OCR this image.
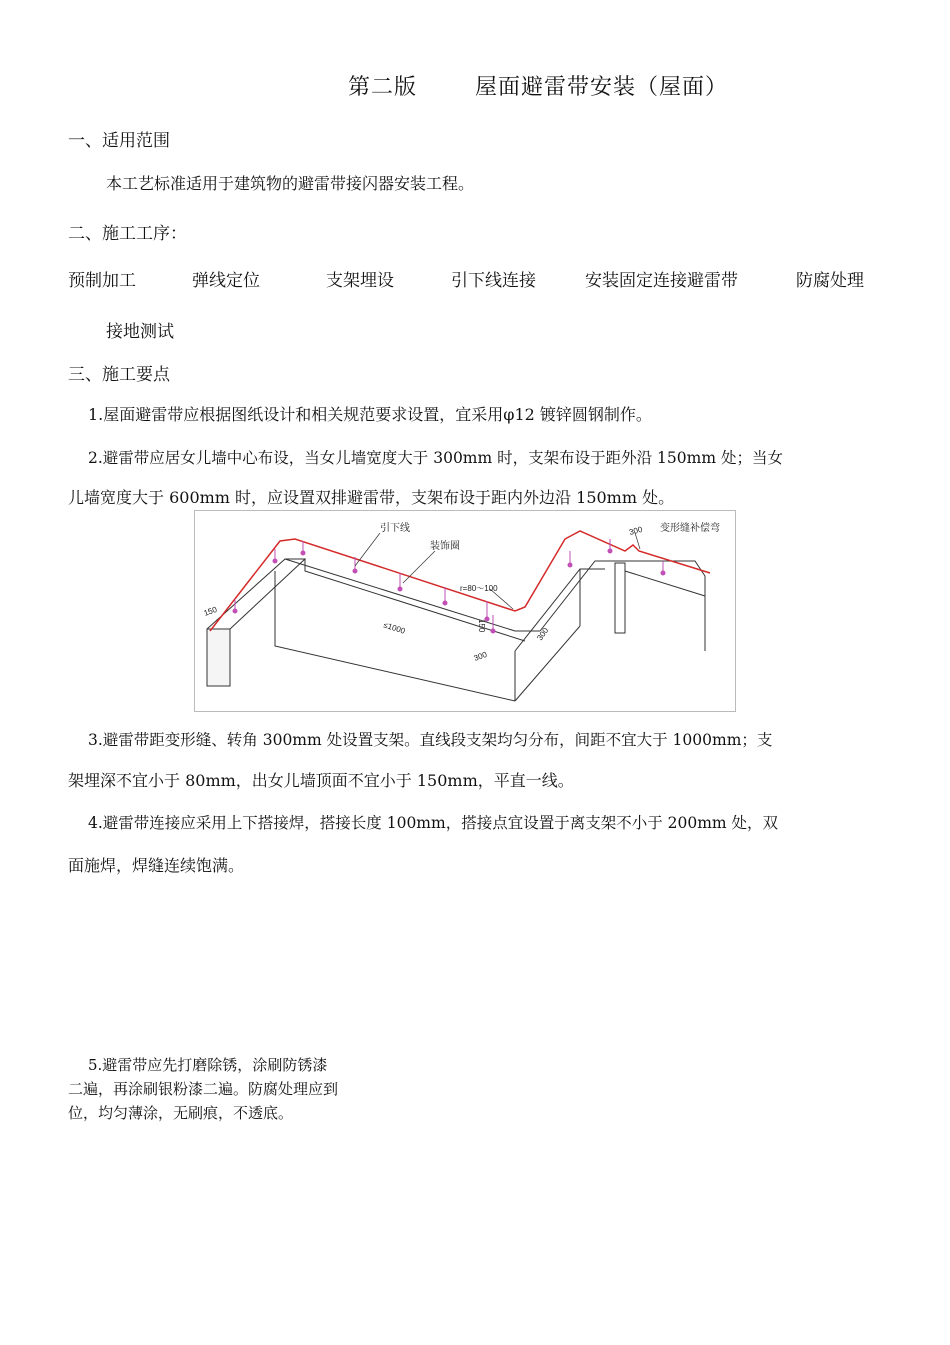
第二版	屋面避雷带安装（屋面）
一、适用范围
本工艺标准适用于建筑物的避雷带接闪器安装工程。
二、施工工序：
预制加工	弹线定位	支架埋设	引下线连接	安装固定连接避雷带	防腐处理
接地测试
三、施工要点
1.屋面避雷带应根据图纸设计和相关规范要求设置，宜采用φ12 镀锌圆钢制作。
2.避雷带应居女儿墙中心布设，当女儿墙宽度大于 300mm 时，支架布设于距外沿 150mm 处；当女
儿墙宽度大于 600mm 时，应设置双排避雷带，支架布设于距内外边沿 150mm 处。
引下线
装饰圈
变形缝补偿弯
r=80～100
150
150
≤1000
300
300
300
3.避雷带距变形缝、转角 300mm 处设置支架。直线段支架均匀分布，间距不宜大于 1000mm；支
架埋深不宜小于 80mm，出女儿墙顶面不宜小于 150mm，平直一线。
4.避雷带连接应采用上下搭接焊，搭接长度 100mm，搭接点宜设置于离支架不小于 200mm 处，双
面施焊，焊缝连续饱满。
5.避雷带应先打磨除锈，涂刷防锈漆二遍，再涂刷银粉漆二遍。防腐处理应到位，均匀薄涂，无刷痕，不透底。
